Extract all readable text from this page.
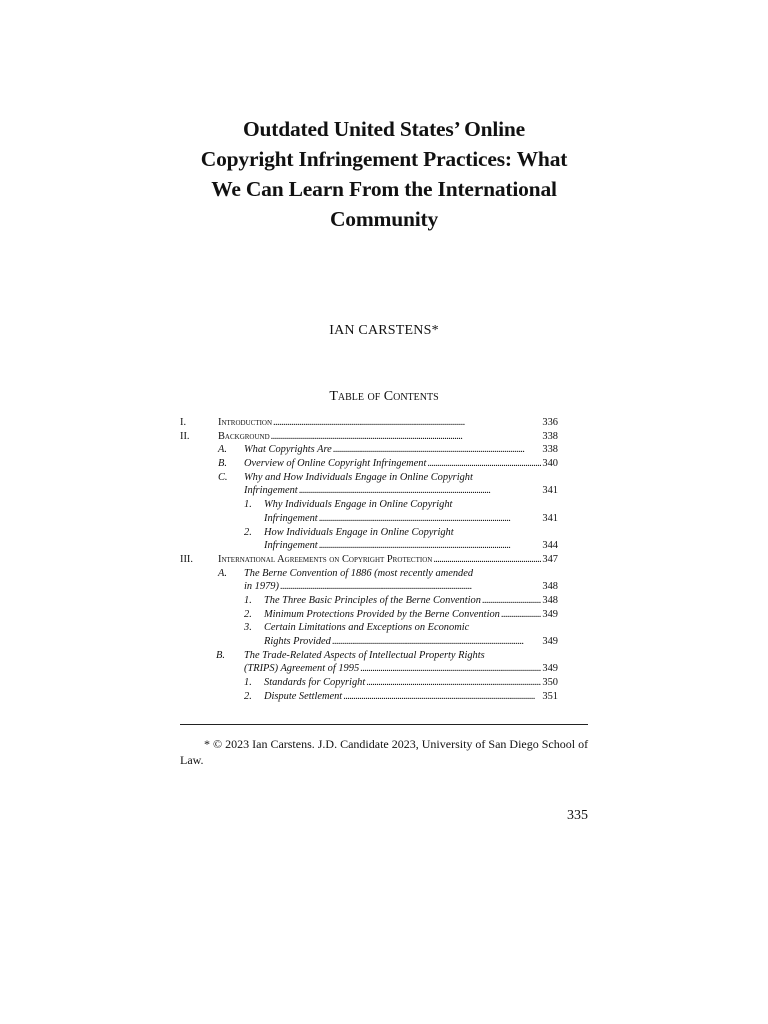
Outdated United States’ Online
Copyright Infringement Practices: What
We Can Learn From the International
Community
IAN CARSTENS*
Table of Contents
I.	Introduction . . .	336
II.	Background . . .	338
A. What Copyrights Are . . .	338
B. Overview of Online Copyright Infringement . . .	340
C. Why and How Individuals Engage in Online Copyright
Infringement . . .	341
1. Why Individuals Engage in Online Copyright
Infringement . . .	341
2. How Individuals Engage in Online Copyright
Infringement . . .	344
III. International Agreements on Copyright Protection . . .	347
A. The Berne Convention of 1886 (most recently amended
in 1979) . . .	348
1. The Three Basic Principles of the Berne Convention . . .	348
2. Minimum Protections Provided by the Berne Convention . . .	349
3. Certain Limitations and Exceptions on Economic
Rights Provided . . .	349
B. The Trade-Related Aspects of Intellectual Property Rights
(TRIPS) Agreement of 1995 . . .	349
1. Standards for Copyright . . .	350
2. Dispute Settlement . . .	351
* © 2023 Ian Carstens. J.D. Candidate 2023, University of San Diego School of Law.
335
